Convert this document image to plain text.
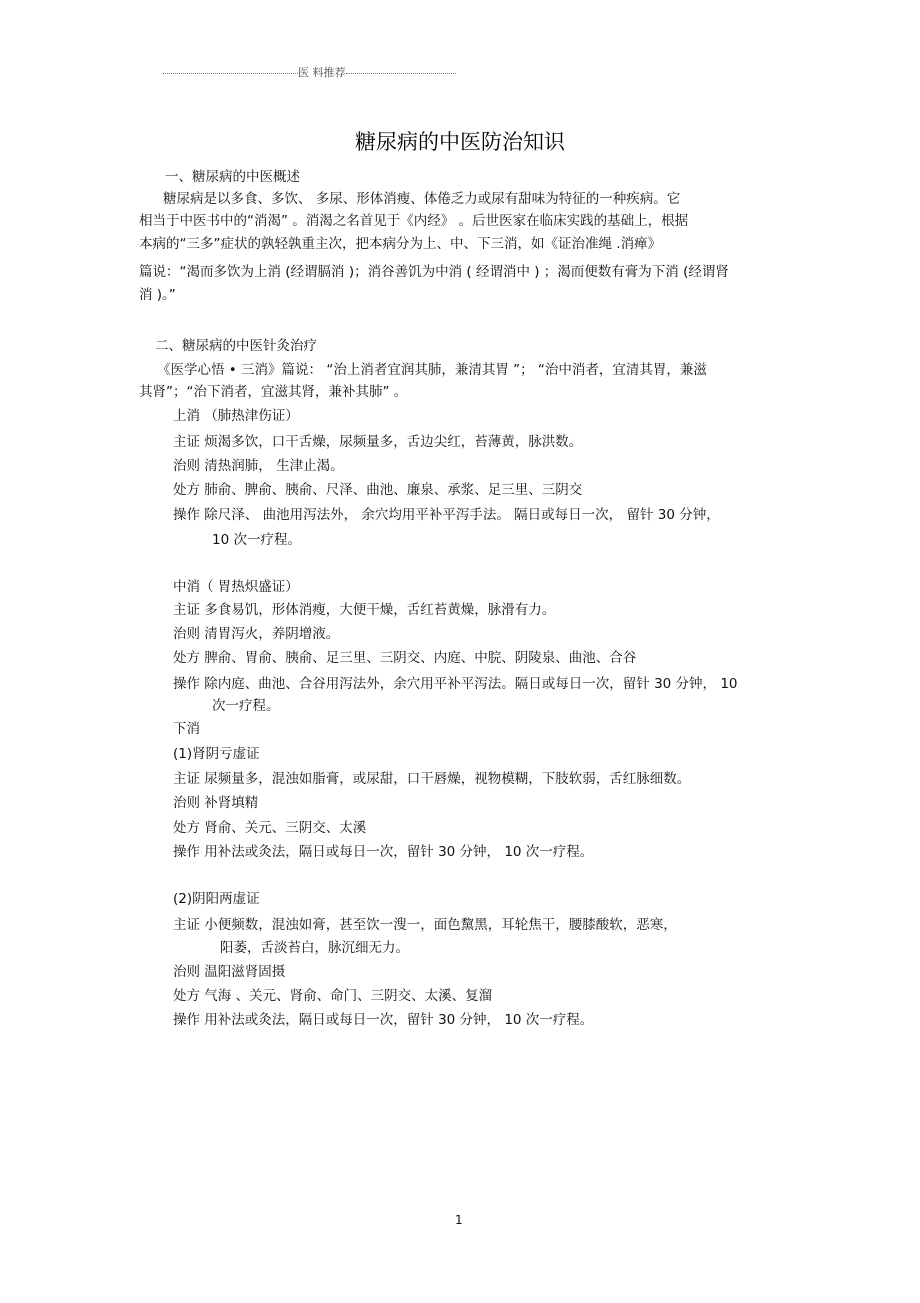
医 料推荐
糖尿病的中医防治知识
一、糖尿病的中医概述
糖尿病是以多食、多饮、 多尿、形体消瘦、体倦乏力或尿有甜味为特征的一种疾病。它
相当于中医书中的“消渴” 。消渴之名首见于《内经》 。后世医家在临床实践的基础上，根据
本病的“三多”症状的孰轻孰重主次，把本病分为上、中、下三消，如《证治准绳 .消瘅》
篇说：“渴而多饮为上消 (经谓膈消 )；消谷善饥为中消 ( 经谓消中 ) ；渴而便数有膏为下消 (经谓肾
消 )。”
二、糖尿病的中医针灸治疗
《医学心悟 • 三消》篇说： “治上消者宜润其肺，兼清其胃 ”； “治中消者，宜清其胃，兼滋
其肾”；“治下消者，宜滋其肾，兼补其肺” 。
上消 （肺热津伤证）
主证 烦渴多饮，口干舌燥，尿频量多，舌边尖红，苔薄黄，脉洪数。
治则 清热润肺， 生津止渴。
处方 肺俞、脾俞、胰俞、尺泽、曲池、廉泉、承浆、足三里、三阴交
操作 除尺泽、 曲池用泻法外， 余穴均用平补平泻手法。 隔日或每日一次， 留针 30 分钟，
10 次一疗程。
中消（ 胃热炽盛证）
主证 多食易饥，形体消瘦，大便干燥，舌红苔黄燥，脉滑有力。
治则 清胃泻火，养阴增液。
处方 脾俞、胃俞、胰俞、足三里、三阴交、内庭、中脘、阴陵泉、曲池、合谷
操作 除内庭、曲池、合谷用泻法外，余穴用平补平泻法。隔日或每日一次，留针 30 分钟， 10
次一疗程。
下消
(1)肾阴亏虚证
主证 尿频量多，混浊如脂膏，或尿甜，口干唇燥，视物模糊，下肢软弱，舌红脉细数。
治则 补肾填精
处方 肾俞、关元、三阴交、太溪
操作 用补法或灸法，隔日或每日一次，留针 30 分钟， 10 次一疗程。
(2)阴阳两虚证
主证 小便频数，混浊如膏，甚至饮一溲一，面色黧黑，耳轮焦干，腰膝酸软，恶寒，
阳萎，舌淡苔白，脉沉细无力。
治则 温阳滋肾固摄
处方 气海 、关元、肾俞、命门、三阴交、太溪、复溜
操作 用补法或灸法，隔日或每日一次，留针 30 分钟， 10 次一疗程。
1
